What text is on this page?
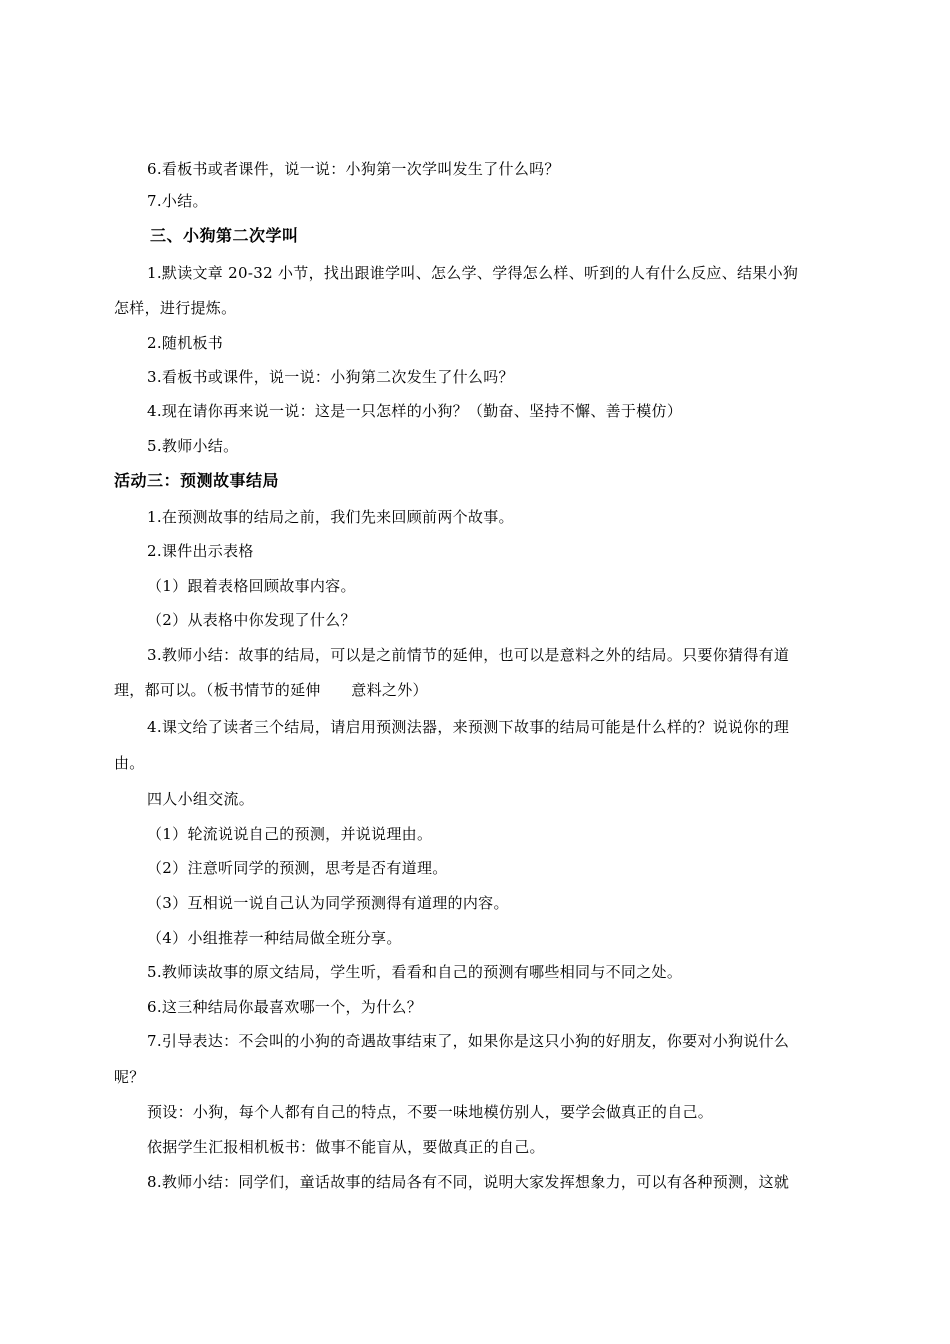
6.看板书或者课件，说一说：小狗第一次学叫发生了什么吗？
7.小结。
三、小狗第二次学叫
1.默读文章 20-32 小节，找出跟谁学叫、怎么学、学得怎么样、听到的人有什么反应、结果小狗
怎样，进行提炼。
2.随机板书
3.看板书或课件，说一说：小狗第二次发生了什么吗？
4.现在请你再来说一说：这是一只怎样的小狗？（勤奋、坚持不懈、善于模仿）
5.教师小结。
活动三：预测故事结局
1.在预测故事的结局之前，我们先来回顾前两个故事。
2.课件出示表格
（1）跟着表格回顾故事内容。
（2）从表格中你发现了什么？
3.教师小结：故事的结局，可以是之前情节的延伸，也可以是意料之外的结局。只要你猜得有道
理，都可以。（板书情节的延伸　　意料之外）
4.课文给了读者三个结局，请启用预测法器，来预测下故事的结局可能是什么样的？说说你的理
由。
四人小组交流。
（1）轮流说说自己的预测，并说说理由。
（2）注意听同学的预测，思考是否有道理。
（3）互相说一说自己认为同学预测得有道理的内容。
（4）小组推荐一种结局做全班分享。
5.教师读故事的原文结局，学生听，看看和自己的预测有哪些相同与不同之处。
6.这三种结局你最喜欢哪一个，为什么？
7.引导表达：不会叫的小狗的奇遇故事结束了，如果你是这只小狗的好朋友，你要对小狗说什么
呢？
预设：小狗，每个人都有自己的特点，不要一味地模仿别人，要学会做真正的自己。
依据学生汇报相机板书：做事不能盲从，要做真正的自己。
8.教师小结：同学们，童话故事的结局各有不同，说明大家发挥想象力，可以有各种预测，这就
